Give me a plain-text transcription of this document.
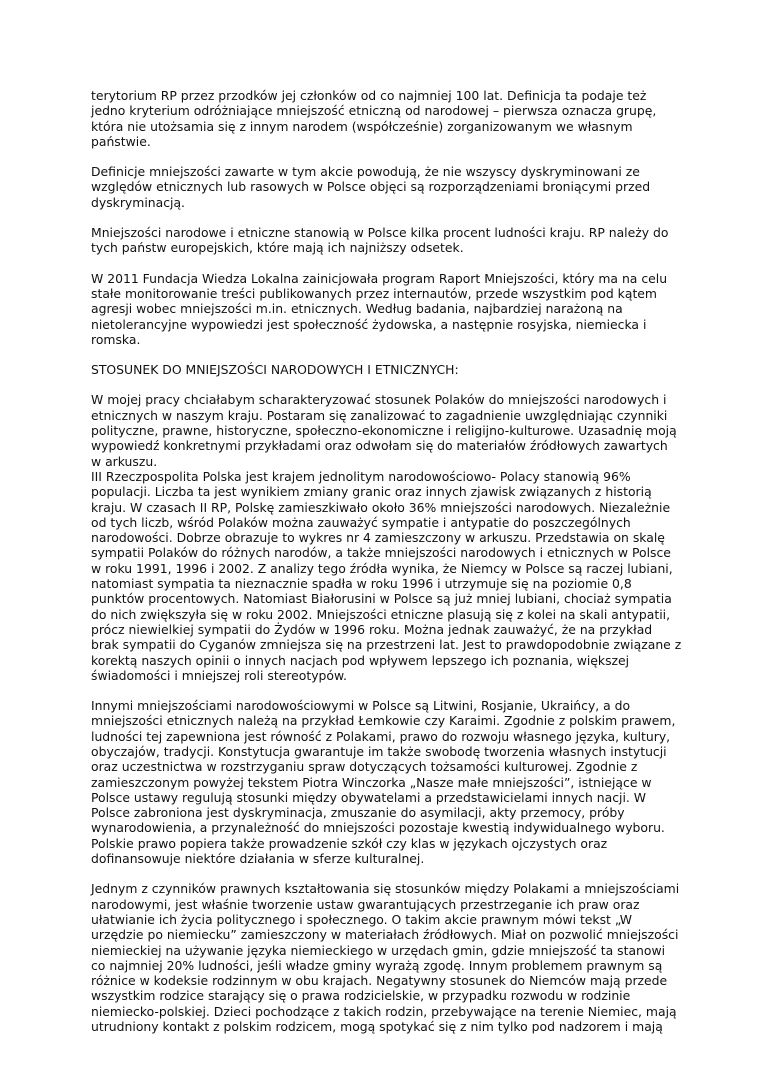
terytorium RP przez przodków jej członków od co najmniej 100 lat. Definicja ta podaje też
jedno kryterium odróżniające mniejszość etniczną od narodowej – pierwsza oznacza grupę,
która nie utożsamia się z innym narodem (współcześnie) zorganizowanym we własnym
państwie.

Definicje mniejszości zawarte w tym akcie powodują, że nie wszyscy dyskryminowani ze
względów etnicznych lub rasowych w Polsce objęci są rozporządzeniami broniącymi przed
dyskryminacją.

Mniejszości narodowe i etniczne stanowią w Polsce kilka procent ludności kraju. RP należy do
tych państw europejskich, które mają ich najniższy odsetek.

W 2011 Fundacja Wiedza Lokalna zainicjowała program Raport Mniejszości, który ma na celu
stałe monitorowanie treści publikowanych przez internautów, przede wszystkim pod kątem
agresji wobec mniejszości m.in. etnicznych. Według badania, najbardziej narażoną na
nietolerancyjne wypowiedzi jest społeczność żydowska, a następnie rosyjska, niemiecka i
romska.

STOSUNEK DO MNIEJSZOŚCI NARODOWYCH I ETNICZNYCH:

W mojej pracy chciałabym scharakteryzować stosunek Polaków do mniejszości narodowych i
etnicznych w naszym kraju. Postaram się zanalizować to zagadnienie uwzględniając czynniki
polityczne, prawne, historyczne, społeczno-ekonomiczne i religijno-kulturowe. Uzasadnię moją
wypowiedź konkretnymi przykładami oraz odwołam się do materiałów źródłowych zawartych
w arkuszu.

III Rzeczpospolita Polska jest krajem jednolitym narodowościowo- Polacy stanowią 96%
populacji. Liczba ta jest wynikiem zmiany granic oraz innych zjawisk związanych z historią
kraju. W czasach II RP, Polskę zamieszkiwało około 36% mniejszości narodowych. Niezależnie
od tych liczb, wśród Polaków można zauważyć sympatie i antypatie do poszczególnych
narodowości. Dobrze obrazuje to wykres nr 4 zamieszczony w arkuszu. Przedstawia on skalę
sympatii Polaków do różnych narodów, a także mniejszości narodowych i etnicznych w Polsce
w roku 1991, 1996 i 2002. Z analizy tego źródła wynika, że Niemcy w Polsce są raczej lubiani,
natomiast sympatia ta nieznacznie spadła w roku 1996 i utrzymuje się na poziomie 0,8
punktów procentowych. Natomiast Białorusini w Polsce są już mniej lubiani, chociaż sympatia
do nich zwiększyła się w roku 2002. Mniejszości etniczne plasują się z kolei na skali antypatii,
prócz niewielkiej sympatii do Żydów w 1996 roku. Można jednak zauważyć, że na przykład
brak sympatii do Cyganów zmniejsza się na przestrzeni lat. Jest to prawdopodobnie związane z
korektą naszych opinii o innych nacjach pod wpływem lepszego ich poznania, większej
świadomości i mniejszej roli stereotypów.

Innymi mniejszościami narodowościowymi w Polsce są Litwini, Rosjanie, Ukraińcy, a do
mniejszości etnicznych należą na przykład Łemkowie czy Karaimi. Zgodnie z polskim prawem,
ludności tej zapewniona jest równość z Polakami, prawo do rozwoju własnego języka, kultury,
obyczajów, tradycji. Konstytucja gwarantuje im także swobodę tworzenia własnych instytucji
oraz uczestnictwa w rozstrzyganiu spraw dotyczących tożsamości kulturowej. Zgodnie z
zamieszczonym powyżej tekstem Piotra Winczorka „Nasze małe mniejszości”, istniejące w
Polsce ustawy regulują stosunki między obywatelami a przedstawicielami innych nacji. W
Polsce zabroniona jest dyskryminacja, zmuszanie do asymilacji, akty przemocy, próby
wynarodowienia, a przynależność do mniejszości pozostaje kwestią indywidualnego wyboru.
Polskie prawo popiera także prowadzenie szkół czy klas w językach ojczystych oraz
dofinansowuje niektóre działania w sferze kulturalnej.

Jednym z czynników prawnych kształtowania się stosunków między Polakami a mniejszościami
narodowymi, jest właśnie tworzenie ustaw gwarantujących przestrzeganie ich praw oraz
ułatwianie ich życia politycznego i społecznego. O takim akcie prawnym mówi tekst „W
urzędzie po niemiecku” zamieszczony w materiałach źródłowych. Miał on pozwolić mniejszości
niemieckiej na używanie języka niemieckiego w urzędach gmin, gdzie mniejszość ta stanowi
co najmniej 20% ludności, jeśli władze gminy wyrażą zgodę. Innym problemem prawnym są
różnice w kodeksie rodzinnym w obu krajach. Negatywny stosunek do Niemców mają przede
wszystkim rodzice starający się o prawa rodzicielskie, w przypadku rozwodu w rodzinie
niemiecko-polskiej. Dzieci pochodzące z takich rodzin, przebywające na terenie Niemiec, mają
utrudniony kontakt z polskim rodzicem, mogą spotykać się z nim tylko pod nadzorem i mają
